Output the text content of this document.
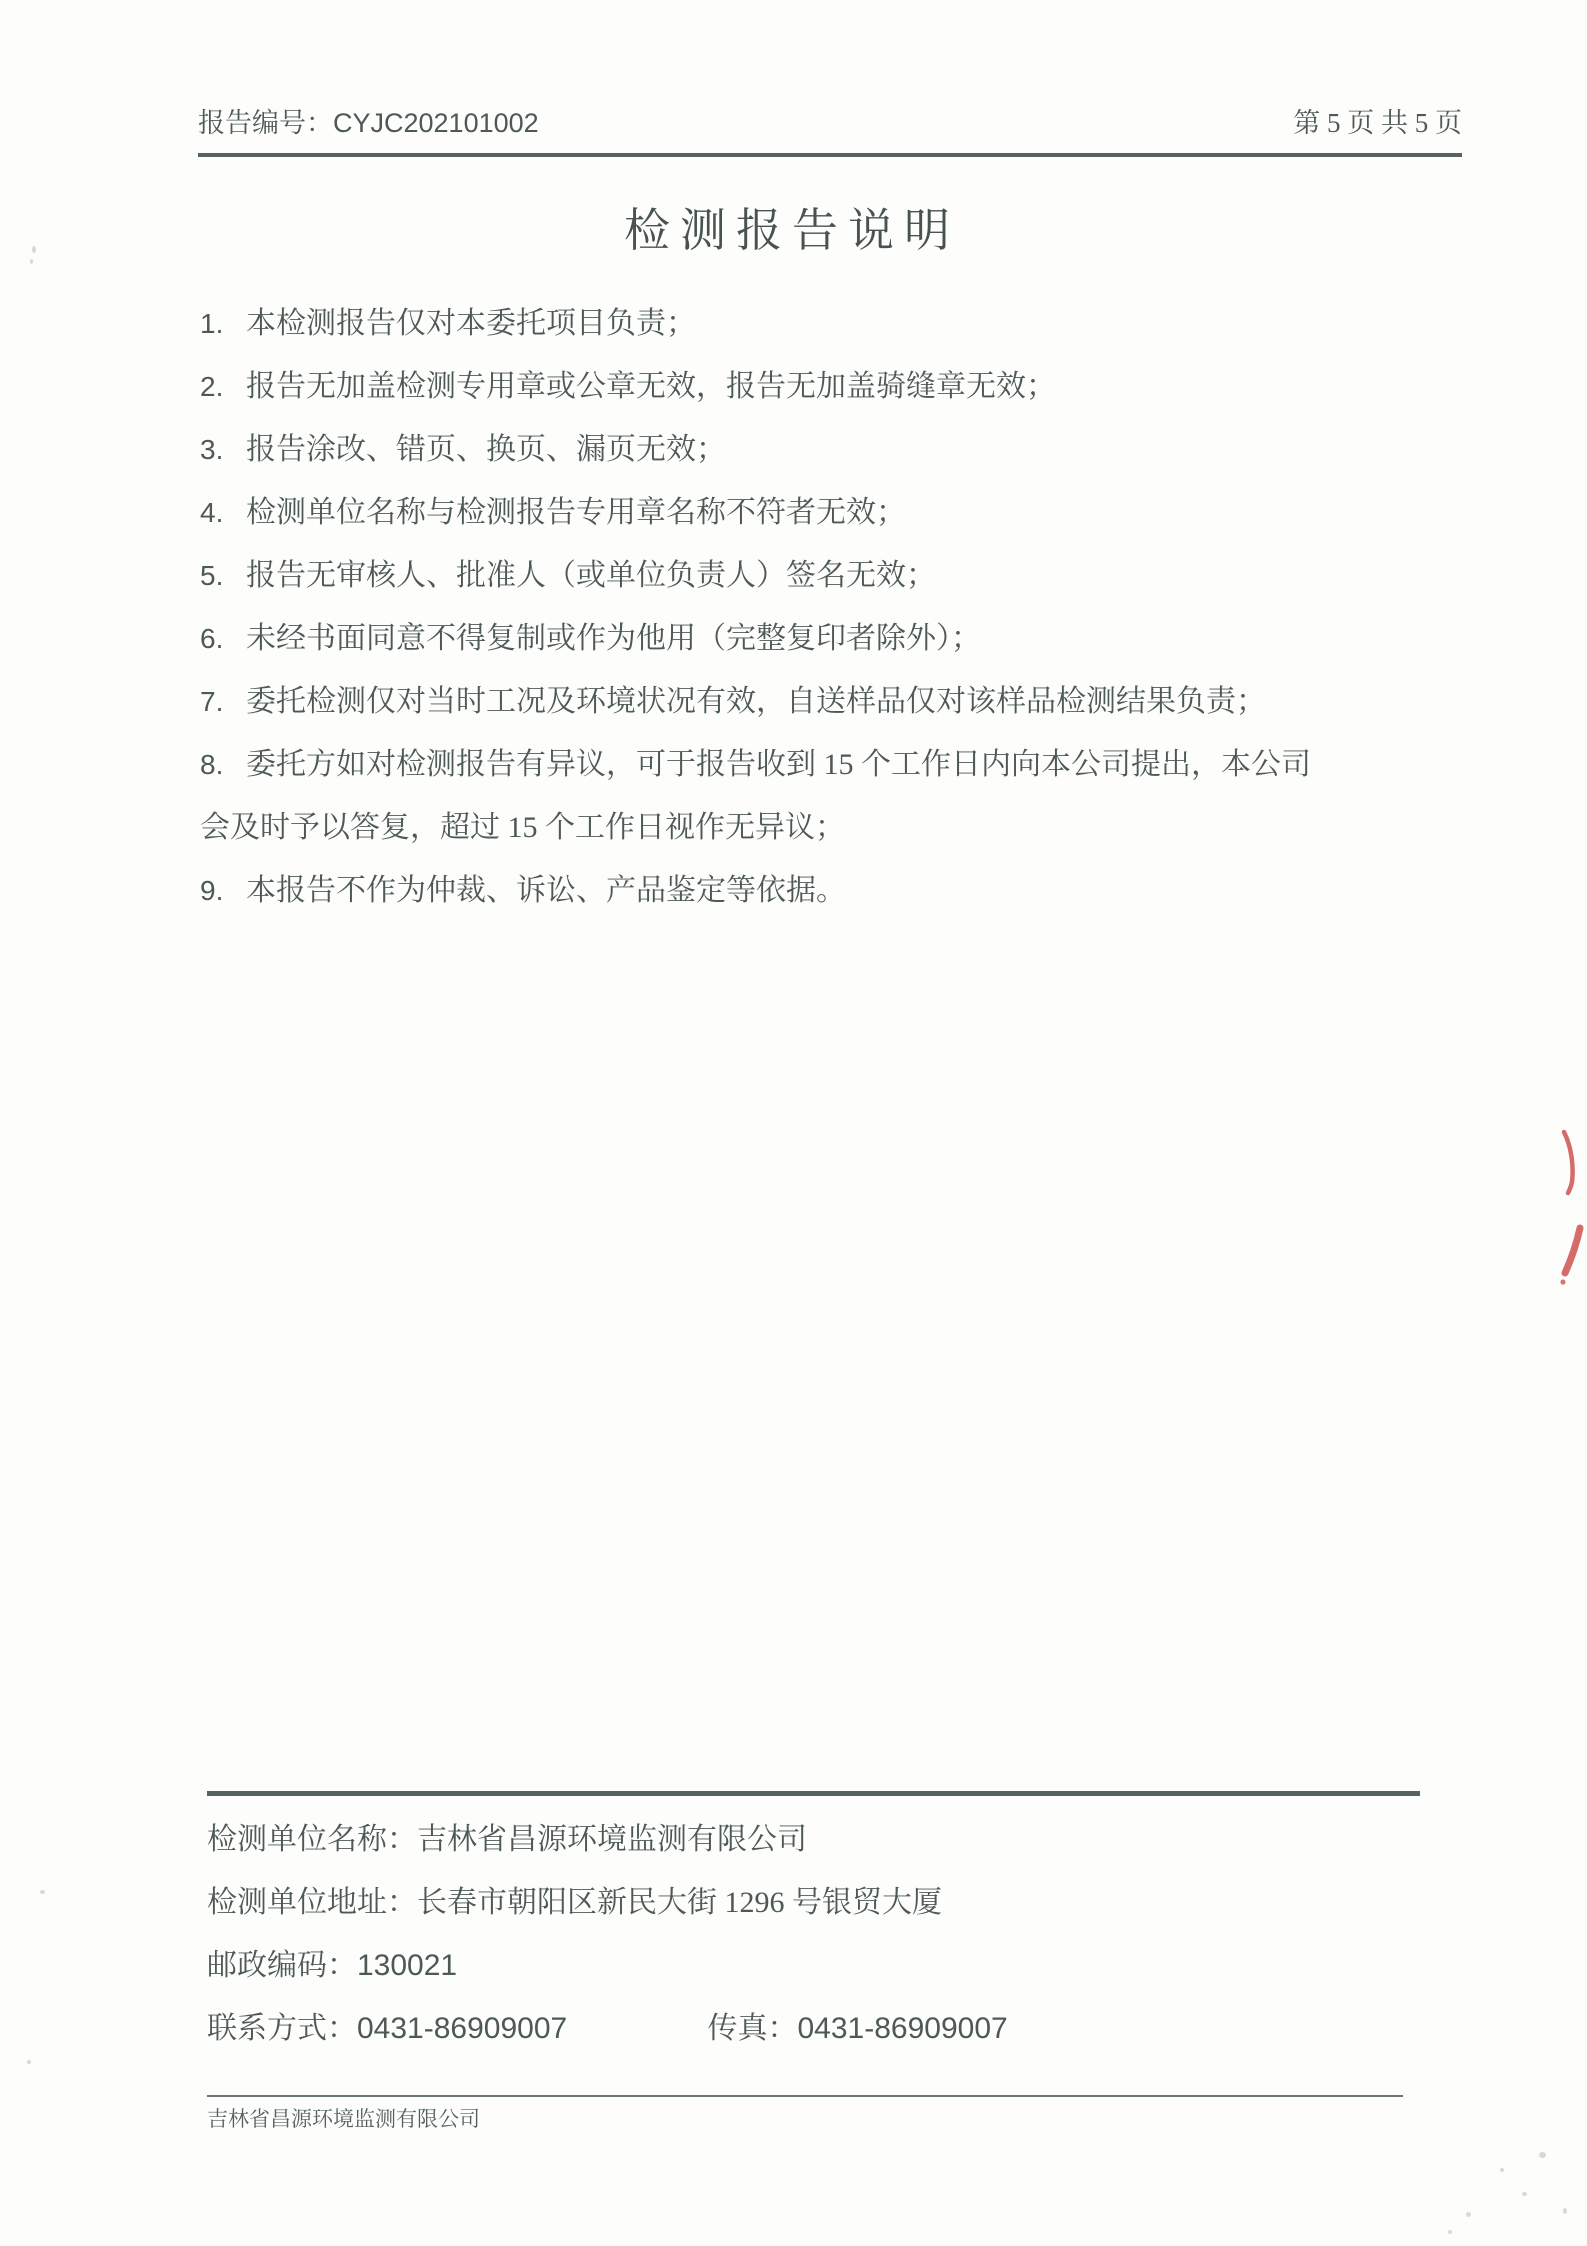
报告编号：CYJC202101002	第 5 页 共 5 页
检测报告说明
1. 本检测报告仅对本委托项目负责；
2. 报告无加盖检测专用章或公章无效，报告无加盖骑缝章无效；
3. 报告涂改、错页、换页、漏页无效；
4. 检测单位名称与检测报告专用章名称不符者无效；
5. 报告无审核人、批准人（或单位负责人）签名无效；
6. 未经书面同意不得复制或作为他用（完整复印者除外）；
7. 委托检测仅对当时工况及环境状况有效，自送样品仅对该样品检测结果负责；
8. 委托方如对检测报告有异议，可于报告收到 15 个工作日内向本公司提出，本公司
会及时予以答复，超过 15 个工作日视作无异议；
9. 本报告不作为仲裁、诉讼、产品鉴定等依据。
检测单位名称：吉林省昌源环境监测有限公司
检测单位地址：长春市朝阳区新民大街 1296 号银贸大厦
邮政编码：130021
联系方式：0431-86909007	传真：0431-86909007
吉林省昌源环境监测有限公司
